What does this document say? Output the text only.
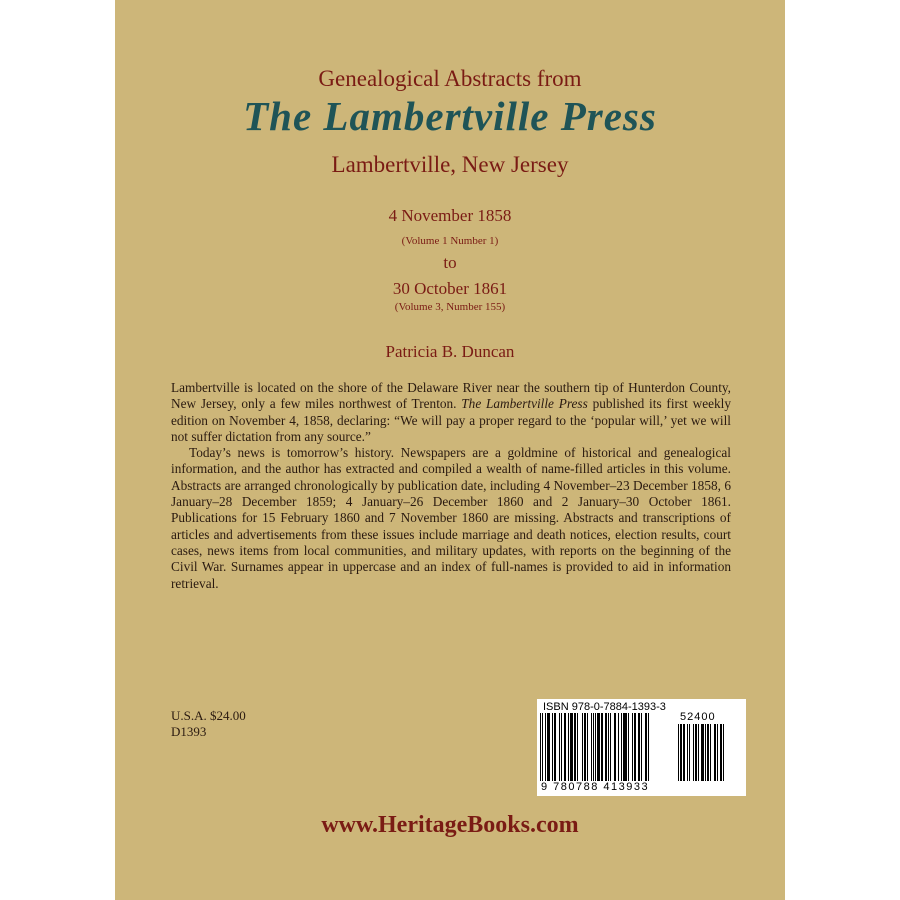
Genealogical Abstracts from
The Lambertville Press
Lambertville, New Jersey
4 November 1858
(Volume 1 Number 1)
to
30 October 1861
(Volume 3, Number 155)
Patricia B. Duncan

Lambertville is located on the shore of the Delaware River near the southern tip of Hunterdon County, New Jersey, only a few miles northwest of Trenton. The Lambertville Press published its first weekly edition on November 4, 1858, declaring: “We will pay a proper regard to the ‘popular will,’ yet we will not suffer dictation from any source.”

Today’s news is tomorrow’s history. Newspapers are a goldmine of historical and genealogical information, and the author has extracted and compiled a wealth of name-filled articles in this volume. Abstracts are arranged chronologically by publication date, including 4 November–23 December 1858, 6 January–28 December 1859; 4 January–26 December 1860 and 2 January–30 October 1861. Publications for 15 February 1860 and 7 November 1860 are missing. Abstracts and transcriptions of articles and advertisements from these issues include marriage and death notices, election results, court cases, news items from local communities, and military updates, with reports on the beginning of the Civil War. Surnames appear in uppercase and an index of full-names is provided to aid in information retrieval.

U.S.A. $24.00
D1393
ISBN 978-0-7884-1393-3
52400
9 780788 413933
www.HeritageBooks.com
